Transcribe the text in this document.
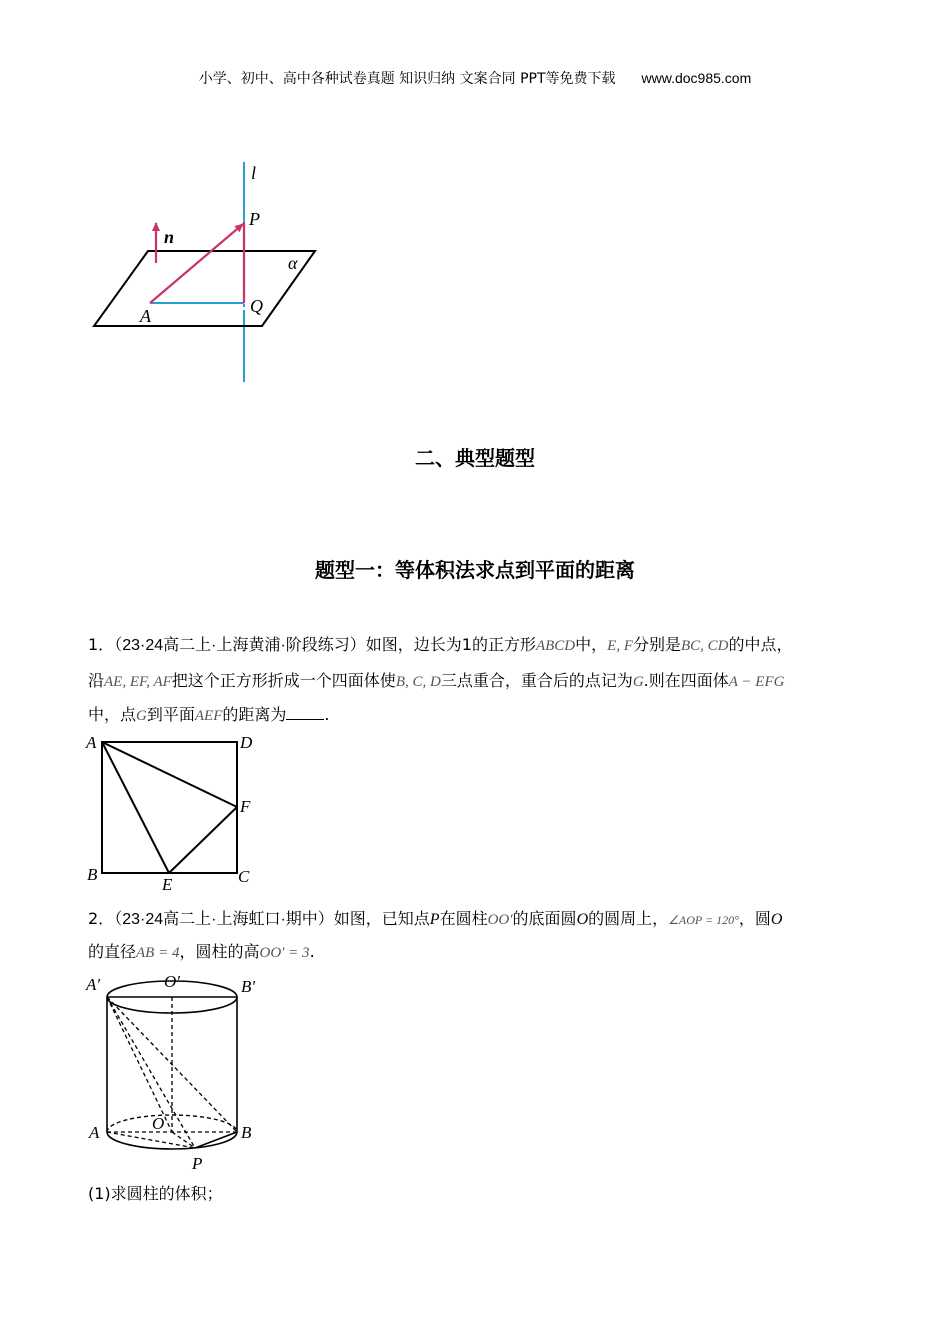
小学、初中、高中各种试卷真题 知识归纳 文案合同 PPT等免费下载 www.doc985.com
l
P
n
α
A	Q
二、典型题型
题型一：等体积法求点到平面的距离
1．（23·24高二上·上海黄浦·阶段练习）如图，边长为1的正方形ABCD中，E, F分别是BC, CD的中点，
沿AE, EF, AF把这个正方形折成一个四面体使B, C, D三点重合，重合后的点记为G.则在四面体A − EFG
中，点G到平面AEF的距离为 .
A	D
F
B
E	C
2．（23·24高二上·上海虹口·期中）如图，已知点P在圆柱OO′的底面圆O的圆周上，∠AOP = 120°，圆O
的直径AB = 4，圆柱的高OO′ = 3.
A′	O′	B′
A	O	B
P
(1)求圆柱的体积；
